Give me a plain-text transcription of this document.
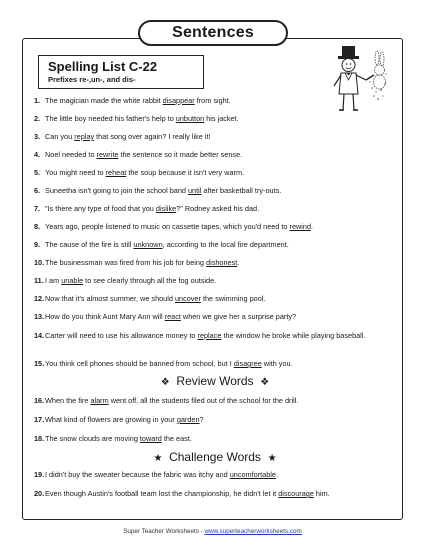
Sentences
Spelling List C-22
Prefixes re-,un-, and dis-
1. The magician made the white rabbit disappear from sight.
2. The little boy needed his father's help to unbutton his jacket.
3. Can you replay that song over again? I really like it!
4. Noel needed to rewrite the sentence so it made better sense.
5. You might need to reheat the soup because it isn't very warm.
6. Suneetha isn't going to join the school band until after basketball try-outs.
7. "Is there any type of food that you dislike?" Rodney asked his dad.
8. Years ago, people listened to music on cassette tapes, which you'd need to rewind.
9. The cause of the fire is still unknown, according to the local fire department.
10. The businessman was fired from his job for being dishonest.
11. I am unable to see clearly through all the fog outside.
12. Now that it's almost summer, we should uncover the swimming pool.
13. How do you think Aunt Mary Ann will react when we give her a surprise party?
14. Carter will need to use his allowance money to replace the window he broke while playing baseball.
15. You think cell phones should be banned from school, but I disagree with you.
❖ Review Words ❖
16. When the fire alarm went off, all the students filed out of the school for the drill.
17. What kind of flowers are growing in your garden?
18. The snow clouds are moving toward the east.
★ Challenge Words ★
19. I didn't buy the sweater because the fabric was itchy and uncomfortable.
20. Even though Austin's football team lost the championship, he didn't let it discourage him.
Super Teacher Worksheets - www.superteacherworksheets.com
